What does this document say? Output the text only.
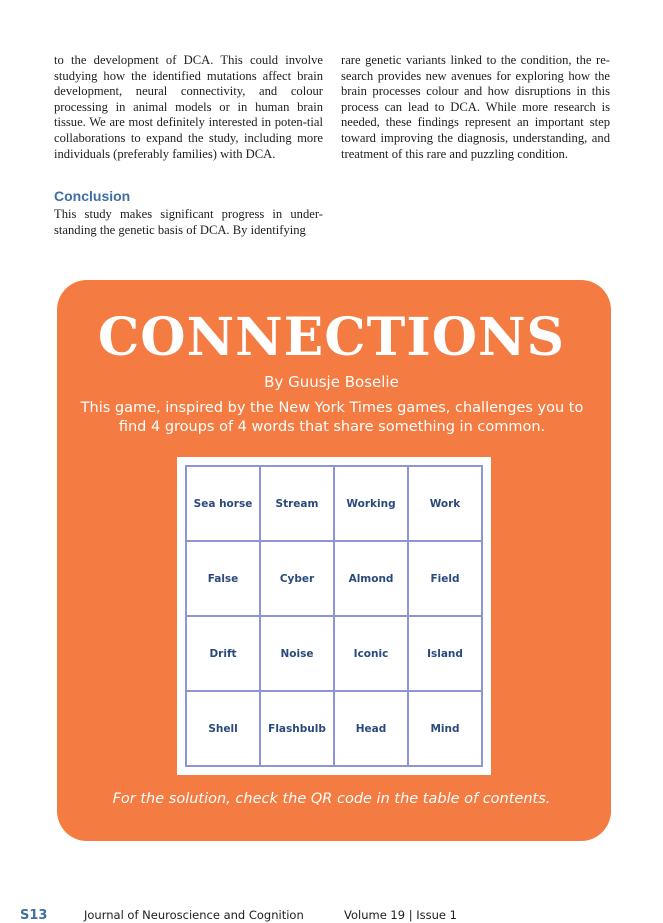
to the development of DCA. This could involve studying how the identified mutations affect brain development, neural connectivity, and colour processing in animal models or in human brain tissue. We are most definitely interested in poten-tial collaborations to expand the study, including more individuals (preferably families) with DCA.

Conclusion

This study makes significant progress in under-standing the genetic basis of DCA. By identifying

rare genetic variants linked to the condition, the re-search provides new avenues for exploring how the brain processes colour and how disruptions in this process can lead to DCA. While more research is needed, these findings represent an important step toward improving the diagnosis, understanding, and treatment of this rare and puzzling condition.

CONNECTIONS
By Guusje Boselie
This game, inspired by the New York Times games, challenges you to find 4 groups of 4 words that share something in common.
Sea horse	Stream	Working	Work
False	Cyber	Almond	Field
Drift	Noise	Iconic	Island
Shell	Flashbulb	Head	Mind
For the solution, check the QR code in the table of contents.
S13	Journal of Neuroscience and Cognition	Volume 19 | Issue 1
